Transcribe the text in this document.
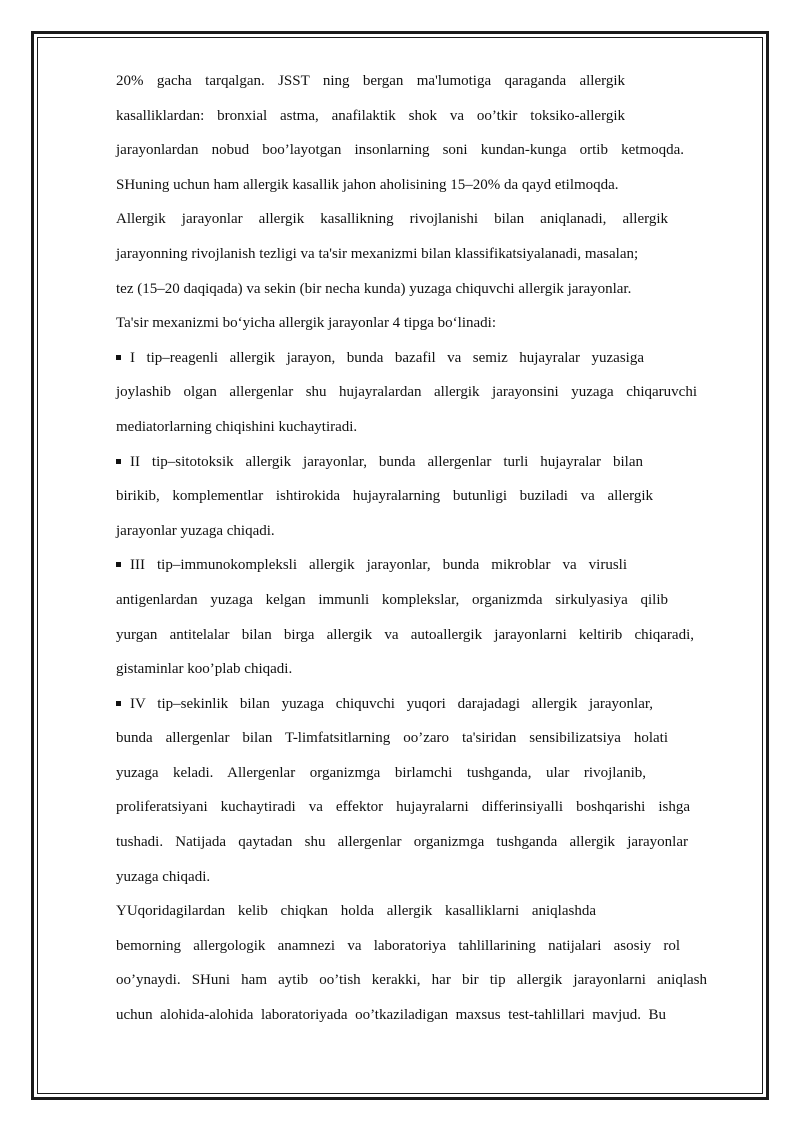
20% gacha tarqalgan. JSST ning bergan ma'lumotiga qaraganda allergik
kasalliklardan: bronxial astma, anafilaktik shok va oo’tkir toksiko-allergik
jarayonlardan nobud boo’layotgan insonlarning soni kundan-kunga ortib ketmoqda.
SHuning uchun ham allergik kasallik jahon aholisining 15–20% da qayd etilmoqda.
Allergik jarayonlar allergik kasallikning rivojlanishi bilan aniqlanadi, allergik
jarayonning rivojlanish tezligi va ta'sir mexanizmi bilan klassifikatsiyalanadi, masalan;
tez (15–20 daqiqada) va sekin (bir necha kunda) yuzaga chiquvchi allergik jarayonlar.
Ta'sir mexanizmi bo‘yicha allergik jarayonlar 4 tipga bo‘linadi:
I tip–reagenli allergik jarayon, bunda bazafil va semiz hujayralar yuzasiga
joylashib olgan allergenlar shu hujayralardan allergik jarayonsini yuzaga chiqaruvchi
mediatorlarning chiqishini kuchaytiradi.
II tip–sitotoksik allergik jarayonlar, bunda allergenlar turli hujayralar bilan
birikib, komplementlar ishtirokida hujayralarning butunligi buziladi va allergik
jarayonlar yuzaga chiqadi.
III tip–immunokompleksli allergik jarayonlar, bunda mikroblar va virusli
antigenlardan yuzaga kelgan immunli komplekslar, organizmda sirkulyasiya qilib
yurgan antitelalar bilan birga allergik va autoallergik jarayonlarni keltirib chiqaradi,
gistaminlar koo’plab chiqadi.
IV tip–sekinlik bilan yuzaga chiquvchi yuqori darajadagi allergik jarayonlar,
bunda allergenlar bilan T-limfatsitlarning oo’zaro ta'siridan sensibilizatsiya holati
yuzaga keladi. Allergenlar organizmga birlamchi tushganda, ular rivojlanib,
proliferatsiyani kuchaytiradi va effektor hujayralarni differinsiyalli boshqarishi ishga
tushadi. Natijada qaytadan shu allergenlar organizmga tushganda allergik jarayonlar
yuzaga chiqadi.
YUqoridagilardan kelib chiqkan holda allergik kasalliklarni aniqlashda
bemorning allergologik anamnezi va laboratoriya tahlillarining natijalari asosiy rol
oo’ynaydi. SHuni ham aytib oo’tish kerakki, har bir tip allergik jarayonlarni aniqlash
uchun alohida-alohida laboratoriyada oo’tkaziladigan maxsus test-tahlillari mavjud. Bu
